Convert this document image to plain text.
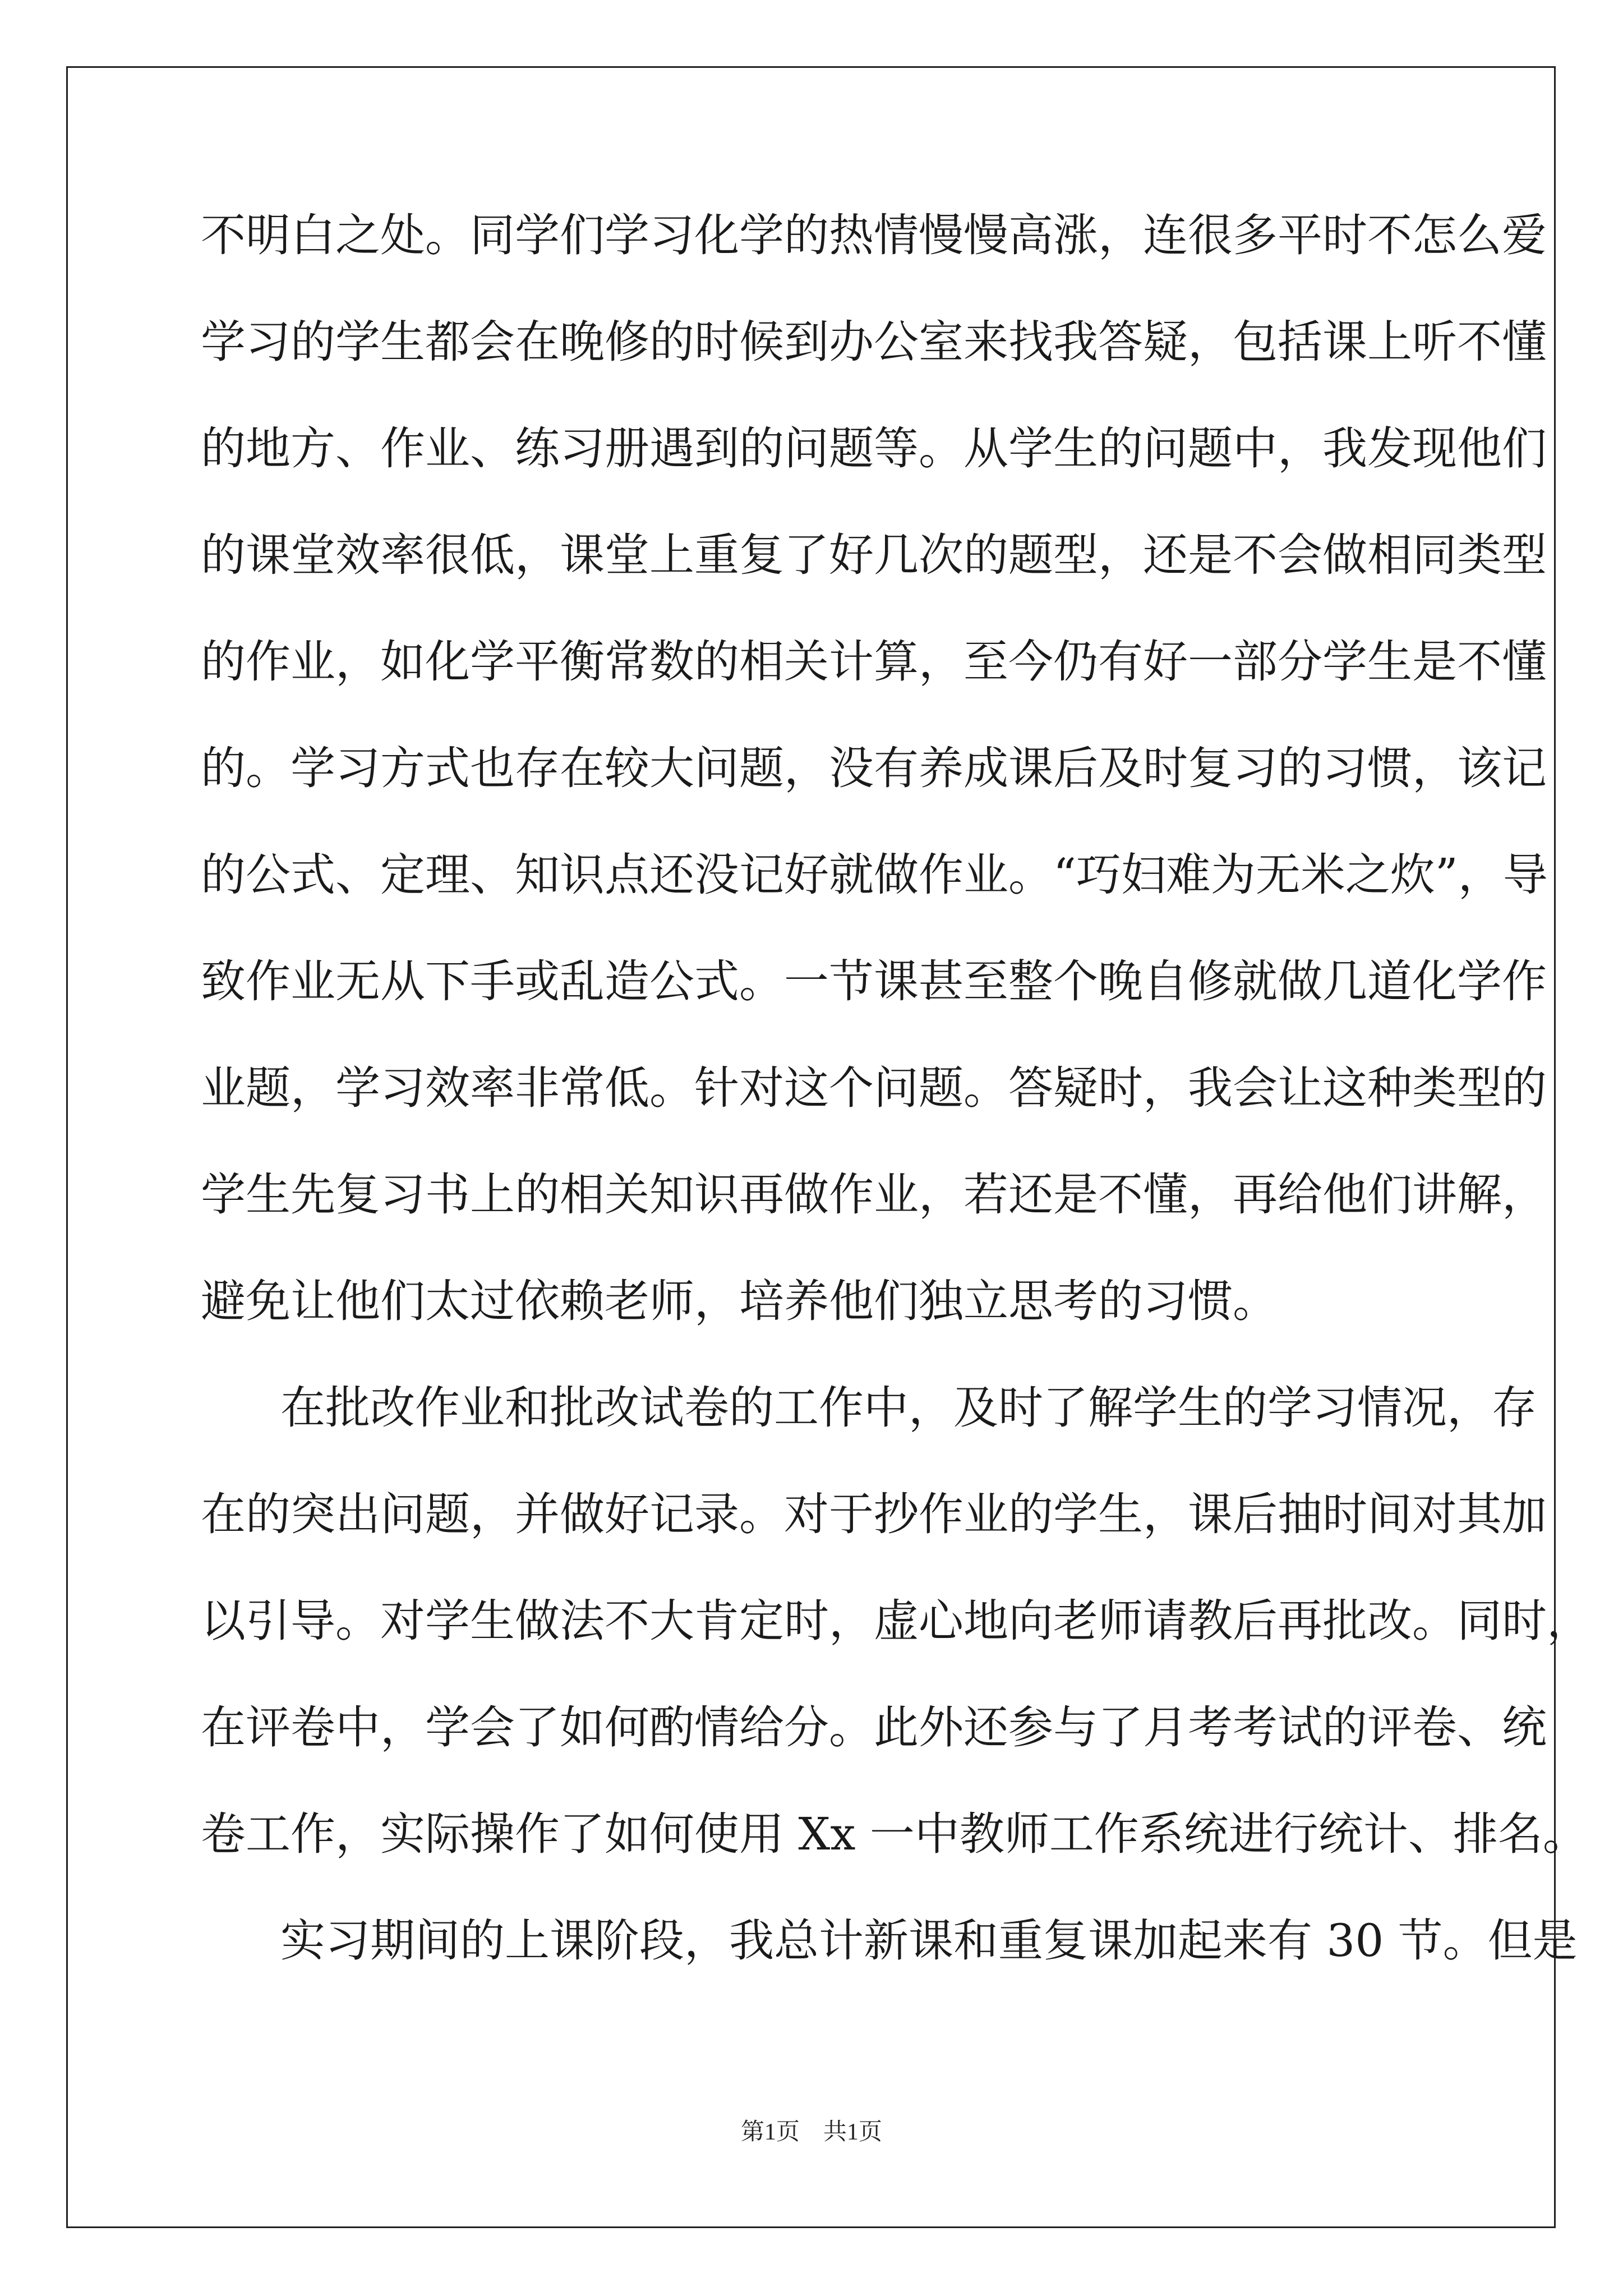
不明白之处。同学们学习化学的热情慢慢高涨，连很多平时不怎么爱
学习的学生都会在晚修的时候到办公室来找我答疑，包括课上听不懂
的地方、作业、练习册遇到的问题等。从学生的问题中，我发现他们
的课堂效率很低，课堂上重复了好几次的题型，还是不会做相同类型
的作业，如化学平衡常数的相关计算，至今仍有好一部分学生是不懂
的。学习方式也存在较大问题，没有养成课后及时复习的习惯，该记
的公式、定理、知识点还没记好就做作业。“巧妇难为无米之炊”，导
致作业无从下手或乱造公式。一节课甚至整个晚自修就做几道化学作
业题，学习效率非常低。针对这个问题。答疑时，我会让这种类型的
学生先复习书上的相关知识再做作业，若还是不懂，再给他们讲解，
避免让他们太过依赖老师，培养他们独立思考的习惯。
在批改作业和批改试卷的工作中，及时了解学生的学习情况，存
在的突出问题，并做好记录。对于抄作业的学生，课后抽时间对其加
以引导。对学生做法不大肯定时，虚心地向老师请教后再批改。同时，
在评卷中，学会了如何酌情给分。此外还参与了月考考试的评卷、统
卷工作，实际操作了如何使用 Xx 一中教师工作系统进行统计、排名。
实习期间的上课阶段，我总计新课和重复课加起来有 30 节。但是
第1页　共1页
